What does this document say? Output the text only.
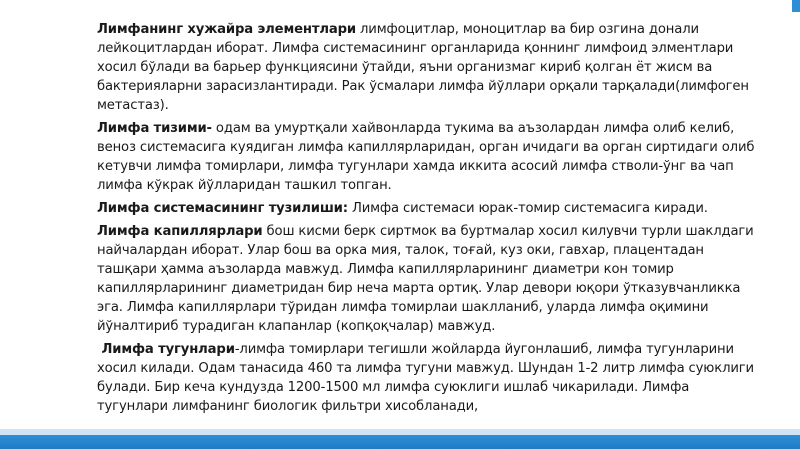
Лимфанинг хужайра элементлари лимфоцитлар, моноцитлар ва бир озгина донали лейкоцитлардан иборат. Лимфа системасининг органларида қоннинг лимфоид элментлари хосил бўлади ва барьер функциясини ўтайди, яъни организмаг кириб қолган ёт жисм ва бактерияларни зарасизлантиради. Рак ўсмалари лимфа йўллари орқали тарқалади(лимфоген метастаз).

Лимфа тизими- одам ва умуртқали хайвонларда тукима ва аъзолардан лимфа олиб келиб, веноз системасига куядиган лимфа капиллярларидан, орган ичидаги ва орган сиртидаги олиб кетувчи лимфа томирлари, лимфа тугунлари хамда иккита асосий лимфа стволи-ўнг ва чап лимфа кўкрак йўлларидан ташкил топган.

Лимфа системасининг тузилиши: Лимфа системаси юрак-томир системасига киради.

Лимфа капиллярлари бош кисми берк сиртмок ва буртмалар хосил килувчи турли шаклдаги найчалардан иборат. Улар бош ва орка мия, талок, тоғай, куз оки, гавхар, плацентадан ташқари ҳамма аъзоларда мавжуд. Лимфа капиллярларининг диаметри кон томир капиллярларининг диаметридан бир неча марта ортиқ. Улар девори юқори ўтказувчанликка эга. Лимфа капиллярлари тўридан лимфа томирлаи шаклланиб, уларда лимфа оқимини йўналтириб турадиган клапанлар (копқоқчалар) мавжуд.

Лимфа тугунлари-лимфа томирлари тегишли жойларда йугонлашиб, лимфа тугунларини хосил килади. Одам танасида 460 та лимфа тугуни мавжуд. Шундан 1-2 литр лимфа суюклиги булади. Бир кеча кундузда 1200-1500 мл лимфа суюклиги ишлаб чикарилади. Лимфа тугунлари лимфанинг биологик фильтри хисобланади,
